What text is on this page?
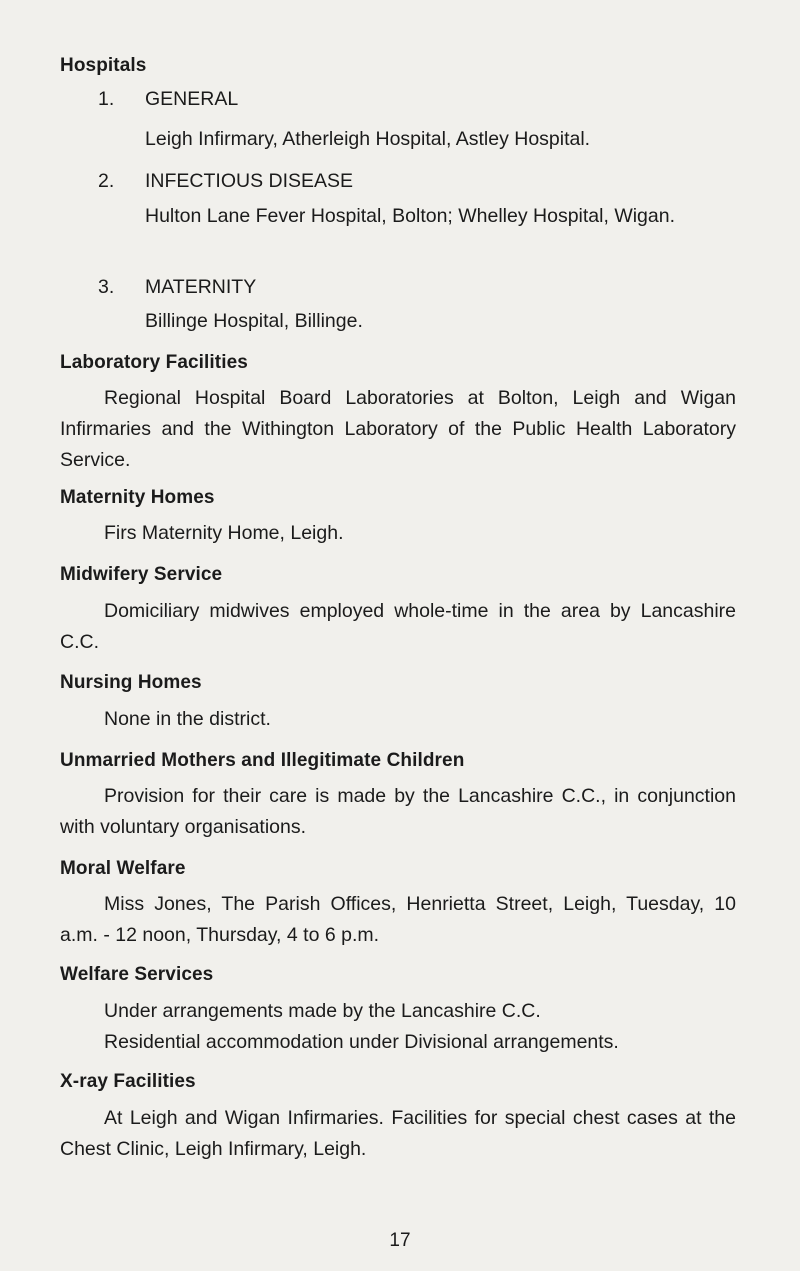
Hospitals
1. GENERAL
Leigh Infirmary, Atherleigh Hospital, Astley Hospital.
2. INFECTIOUS DISEASE
Hulton Lane Fever Hospital, Bolton; Whelley Hospital, Wigan.
3. MATERNITY
Billinge Hospital, Billinge.
Laboratory Facilities
Regional Hospital Board Laboratories at Bolton, Leigh and Wigan Infirmaries and the Withington Laboratory of the Public Health Laboratory Service.
Maternity Homes
Firs Maternity Home, Leigh.
Midwifery Service
Domiciliary midwives employed whole-time in the area by Lancashire C.C.
Nursing Homes
None in the district.
Unmarried Mothers and Illegitimate Children
Provision for their care is made by the Lancashire C.C., in conjunction with voluntary organisations.
Moral Welfare
Miss Jones, The Parish Offices, Henrietta Street, Leigh, Tuesday, 10 a.m. - 12 noon, Thursday, 4 to 6 p.m.
Welfare Services
Under arrangements made by the Lancashire C.C.
Residential accommodation under Divisional arrangements.
X-ray Facilities
At Leigh and Wigan Infirmaries. Facilities for special chest cases at the Chest Clinic, Leigh Infirmary, Leigh.
17
